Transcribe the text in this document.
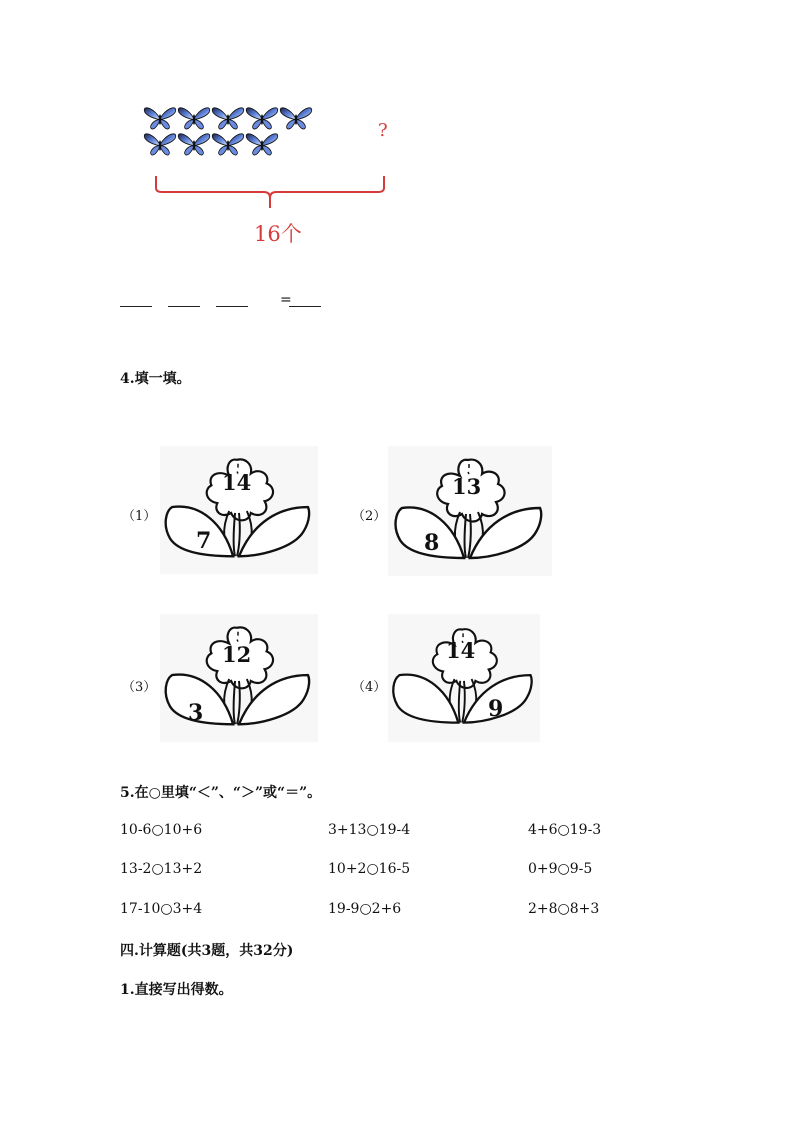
?
16个
=
4.填一填。
（1）
14
7
（2）
13
8
（3）
12
3
（4）
14
9
5.在○里填“＜”、“＞”或“＝”。
10-6○10+6	3+13○19-4	4+6○19-3
13-2○13+2	10+2○16-5	0+9○9-5
17-10○3+4	19-9○2+6	2+8○8+3
四.计算题(共3题，共32分)
1.直接写出得数。
